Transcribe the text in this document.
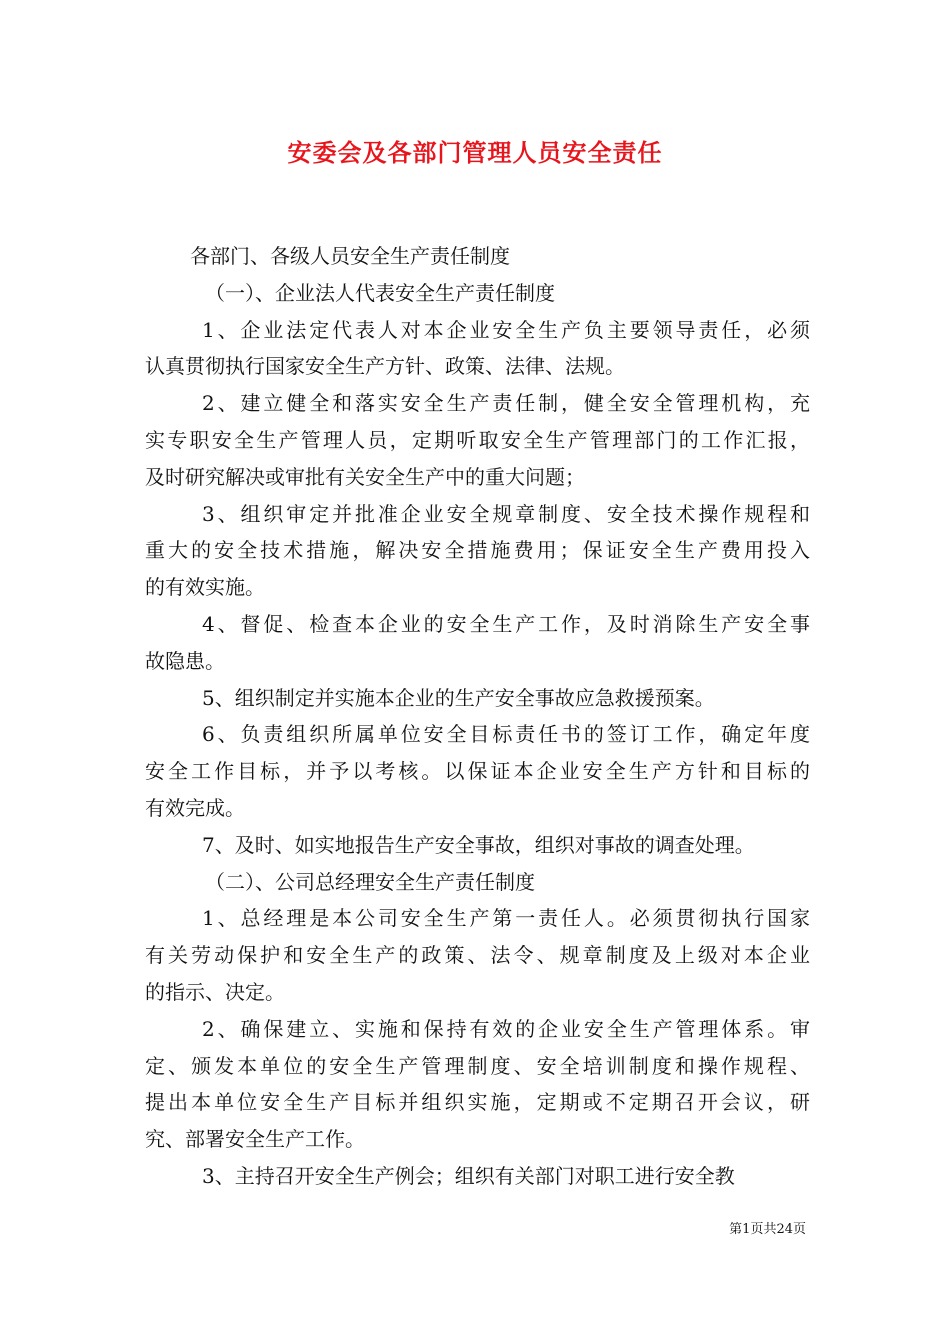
安委会及各部门管理人员安全责任

各部门、各级人员安全生产责任制度

（一）、企业法人代表安全生产责任制度

1、企业法定代表人对本企业安全生产负主要领导责任，必须

认真贯彻执行国家安全生产方针、政策、法律、法规。

2、建立健全和落实安全生产责任制，健全安全管理机构，充

实专职安全生产管理人员，定期听取安全生产管理部门的工作汇报，

及时研究解决或审批有关安全生产中的重大问题；

3、组织审定并批准企业安全规章制度、安全技术操作规程和

重大的安全技术措施，解决安全措施费用；保证安全生产费用投入

的有效实施。

4、督促、检查本企业的安全生产工作，及时消除生产安全事

故隐患。

5、组织制定并实施本企业的生产安全事故应急救援预案。

6、负责组织所属单位安全目标责任书的签订工作，确定年度

安全工作目标，并予以考核。以保证本企业安全生产方针和目标的

有效完成。

7、及时、如实地报告生产安全事故，组织对事故的调查处理。

（二）、公司总经理安全生产责任制度

1、总经理是本公司安全生产第一责任人。必须贯彻执行国家

有关劳动保护和安全生产的政策、法令、规章制度及上级对本企业

的指示、决定。

2、确保建立、实施和保持有效的企业安全生产管理体系。审

定、颁发本单位的安全生产管理制度、安全培训制度和操作规程、

提出本单位安全生产目标并组织实施，定期或不定期召开会议，研

究、部署安全生产工作。

3、主持召开安全生产例会；组织有关部门对职工进行安全教

第1页共24页
